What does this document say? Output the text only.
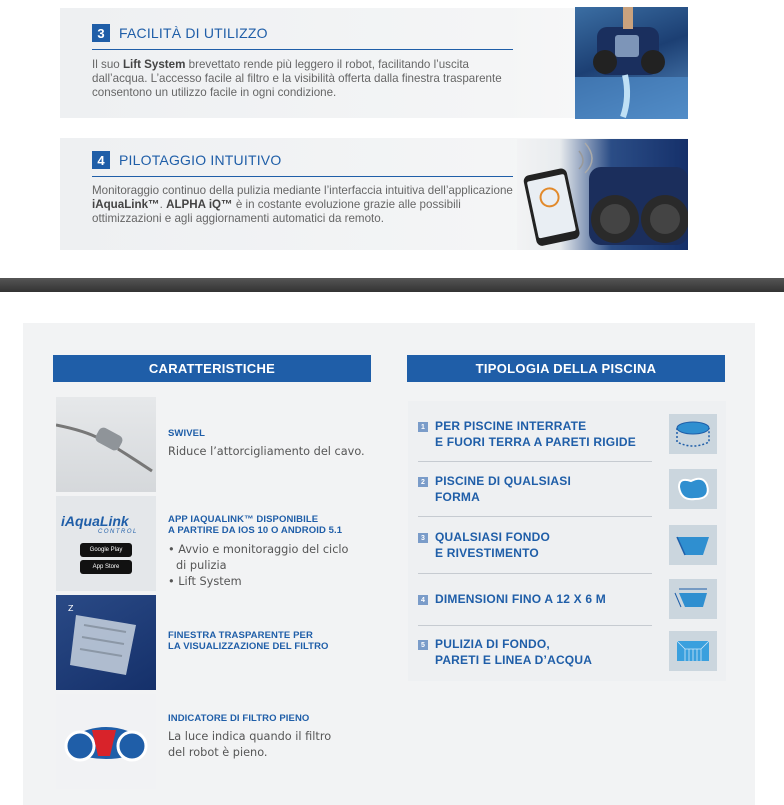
3	FACILITÀ DI UTILIZZO

Il suo Lift System brevettato rende più leggero il robot, facilitando l’uscita dall’acqua. L’accesso facile al filtro e la visibilità offerta dalla finestra trasparente consentono un utilizzo facile in ogni condizione.

4	PILOTAGGIO INTUITIVO

Monitoraggio continuo della pulizia mediante l’interfaccia intuitiva dell’applicazione iAquaLink™. ALPHA iQ™ è in costante evoluzione grazie alle possibili ottimizzazioni e agli aggiornamenti automatici da remoto.

CARATTERISTICHE	TIPOLOGIA DELLA PISCINA
SWIVEL
Riduce l’attorcigliamento del cavo.
iAquaLink
CONTROL
Google Play
App Store
APP IAQUALINK™ DISPONIBILE
A PARTIRE DA IOS 10 O ANDROID 5.1
• Avvio e monitoraggio del ciclo di pulizia
• Lift System
Z
FINESTRA TRASPARENTE PER
LA VISUALIZZAZIONE DEL FILTRO
INDICATORE DI FILTRO PIENO
La luce indica quando il filtro
del robot è pieno.
1 PER PISCINE INTERRATE
E FUORI TERRA A PARETI RIGIDE
2 PISCINE DI QUALSIASI
FORMA
3 QUALSIASI FONDO
E RIVESTIMENTO
4 DIMENSIONI FINO A 12 X 6 M
5 PULIZIA DI FONDO,
PARETI E LINEA D’ACQUA
